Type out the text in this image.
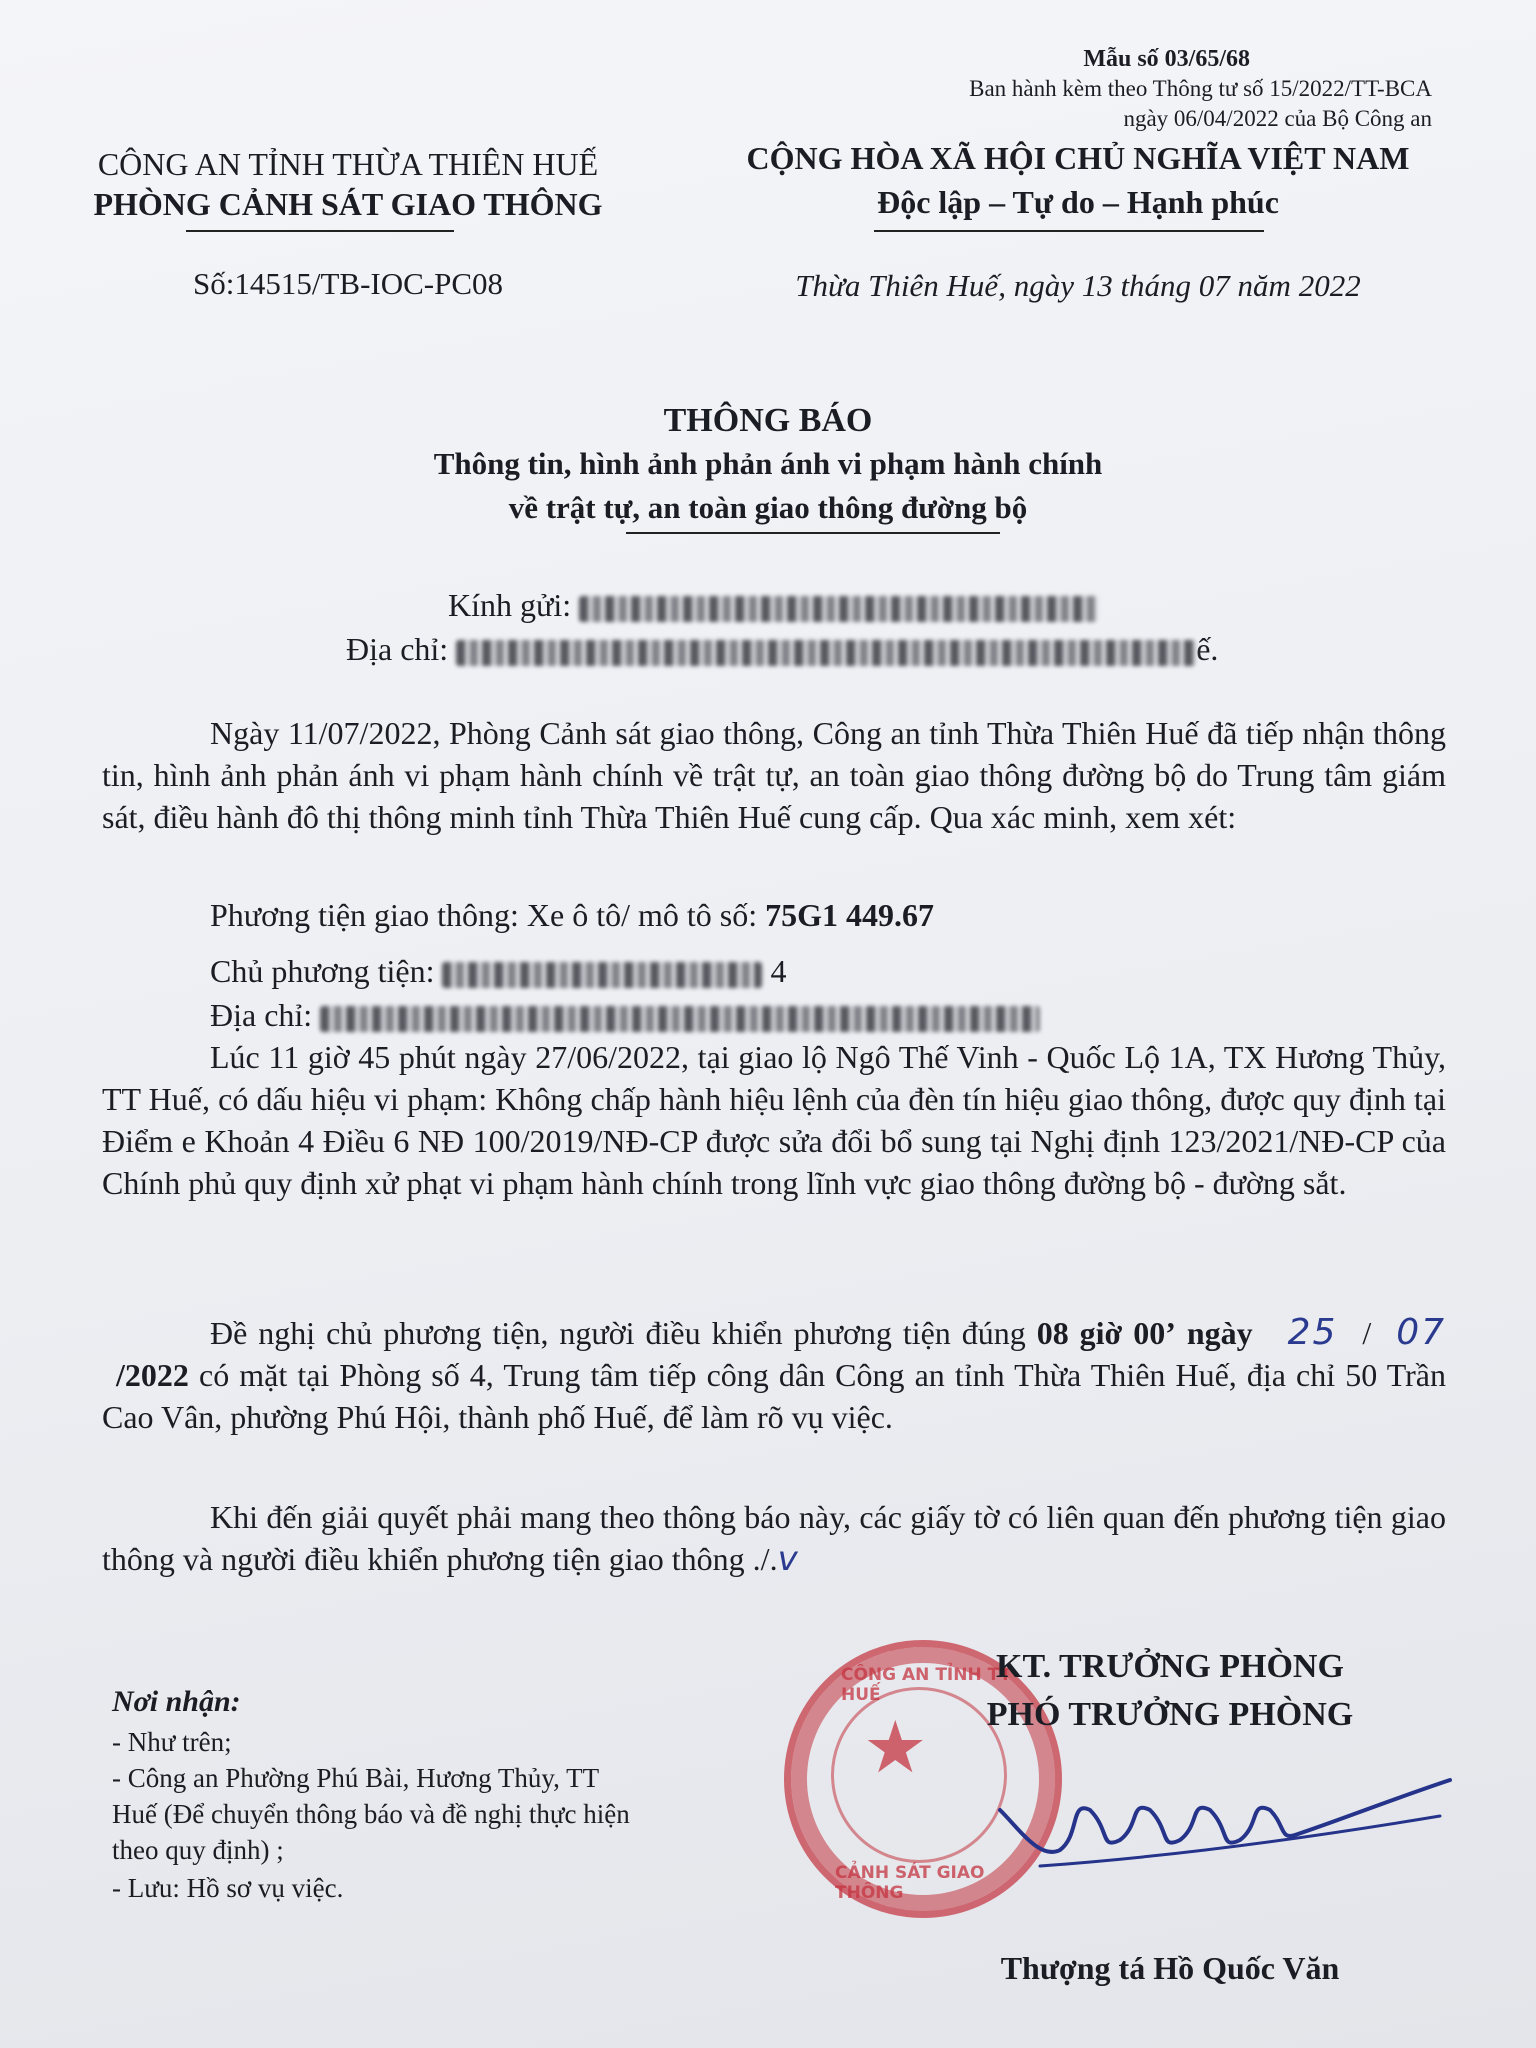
Mẫu số 03/65/68
Ban hành kèm theo Thông tư số 15/2022/TT-BCA
ngày 06/04/2022 của Bộ Công an
CÔNG AN TỈNH THỪA THIÊN HUẾ
PHÒNG CẢNH SÁT GIAO THÔNG
Số:14515/TB-IOC-PC08
CỘNG HÒA XÃ HỘI CHỦ NGHĨA VIỆT NAM
Độc lập – Tự do – Hạnh phúc
Thừa Thiên Huế, ngày 13 tháng 07 năm 2022
THÔNG BÁO
Thông tin, hình ảnh phản ánh vi phạm hành chính
về trật tự, an toàn giao thông đường bộ
Kính gửi:
Địa chỉ:	ế.
Ngày 11/07/2022, Phòng Cảnh sát giao thông, Công an tỉnh Thừa Thiên Huế đã tiếp nhận thông tin, hình ảnh phản ánh vi phạm hành chính về trật tự, an toàn giao thông đường bộ do Trung tâm giám sát, điều hành đô thị thông minh tỉnh Thừa Thiên Huế cung cấp. Qua xác minh, xem xét:
Phương tiện giao thông: Xe ô tô/ mô tô số: 75G1 449.67
Chủ phương tiện:	4
Địa chỉ:
Lúc 11 giờ 45 phút ngày 27/06/2022, tại giao lộ Ngô Thế Vinh - Quốc Lộ 1A, TX Hương Thủy, TT Huế, có dấu hiệu vi phạm: Không chấp hành hiệu lệnh của đèn tín hiệu giao thông, được quy định tại Điểm e Khoản 4 Điều 6 NĐ 100/2019/NĐ-CP được sửa đổi bổ sung tại Nghị định 123/2021/NĐ-CP của Chính phủ quy định xử phạt vi phạm hành chính trong lĩnh vực giao thông đường bộ - đường sắt.
Đề nghị chủ phương tiện, người điều khiển phương tiện đúng 08 giờ 00’ ngày 25 / 07 /2022 có mặt tại Phòng số 4, Trung tâm tiếp công dân Công an tỉnh Thừa Thiên Huế, địa chỉ 50 Trần Cao Vân, phường Phú Hội, thành phố Huế, để làm rõ vụ việc.
Khi đến giải quyết phải mang theo thông báo này, các giấy tờ có liên quan đến phương tiện giao thông và người điều khiển phương tiện giao thông ./.v
Nơi nhận:
- Như trên;
- Công an Phường Phú Bài, Hương Thủy, TT
Huế (Để chuyển thông báo và đề nghị thực hiện
theo quy định) ;
- Lưu: Hồ sơ vụ việc.
★
CÔNG AN TỈNH TT HUẾ
CẢNH SÁT GIAO THÔNG
KT. TRƯỞNG PHÒNG
PHÓ TRƯỞNG PHÒNG
Thượng tá Hồ Quốc Văn
